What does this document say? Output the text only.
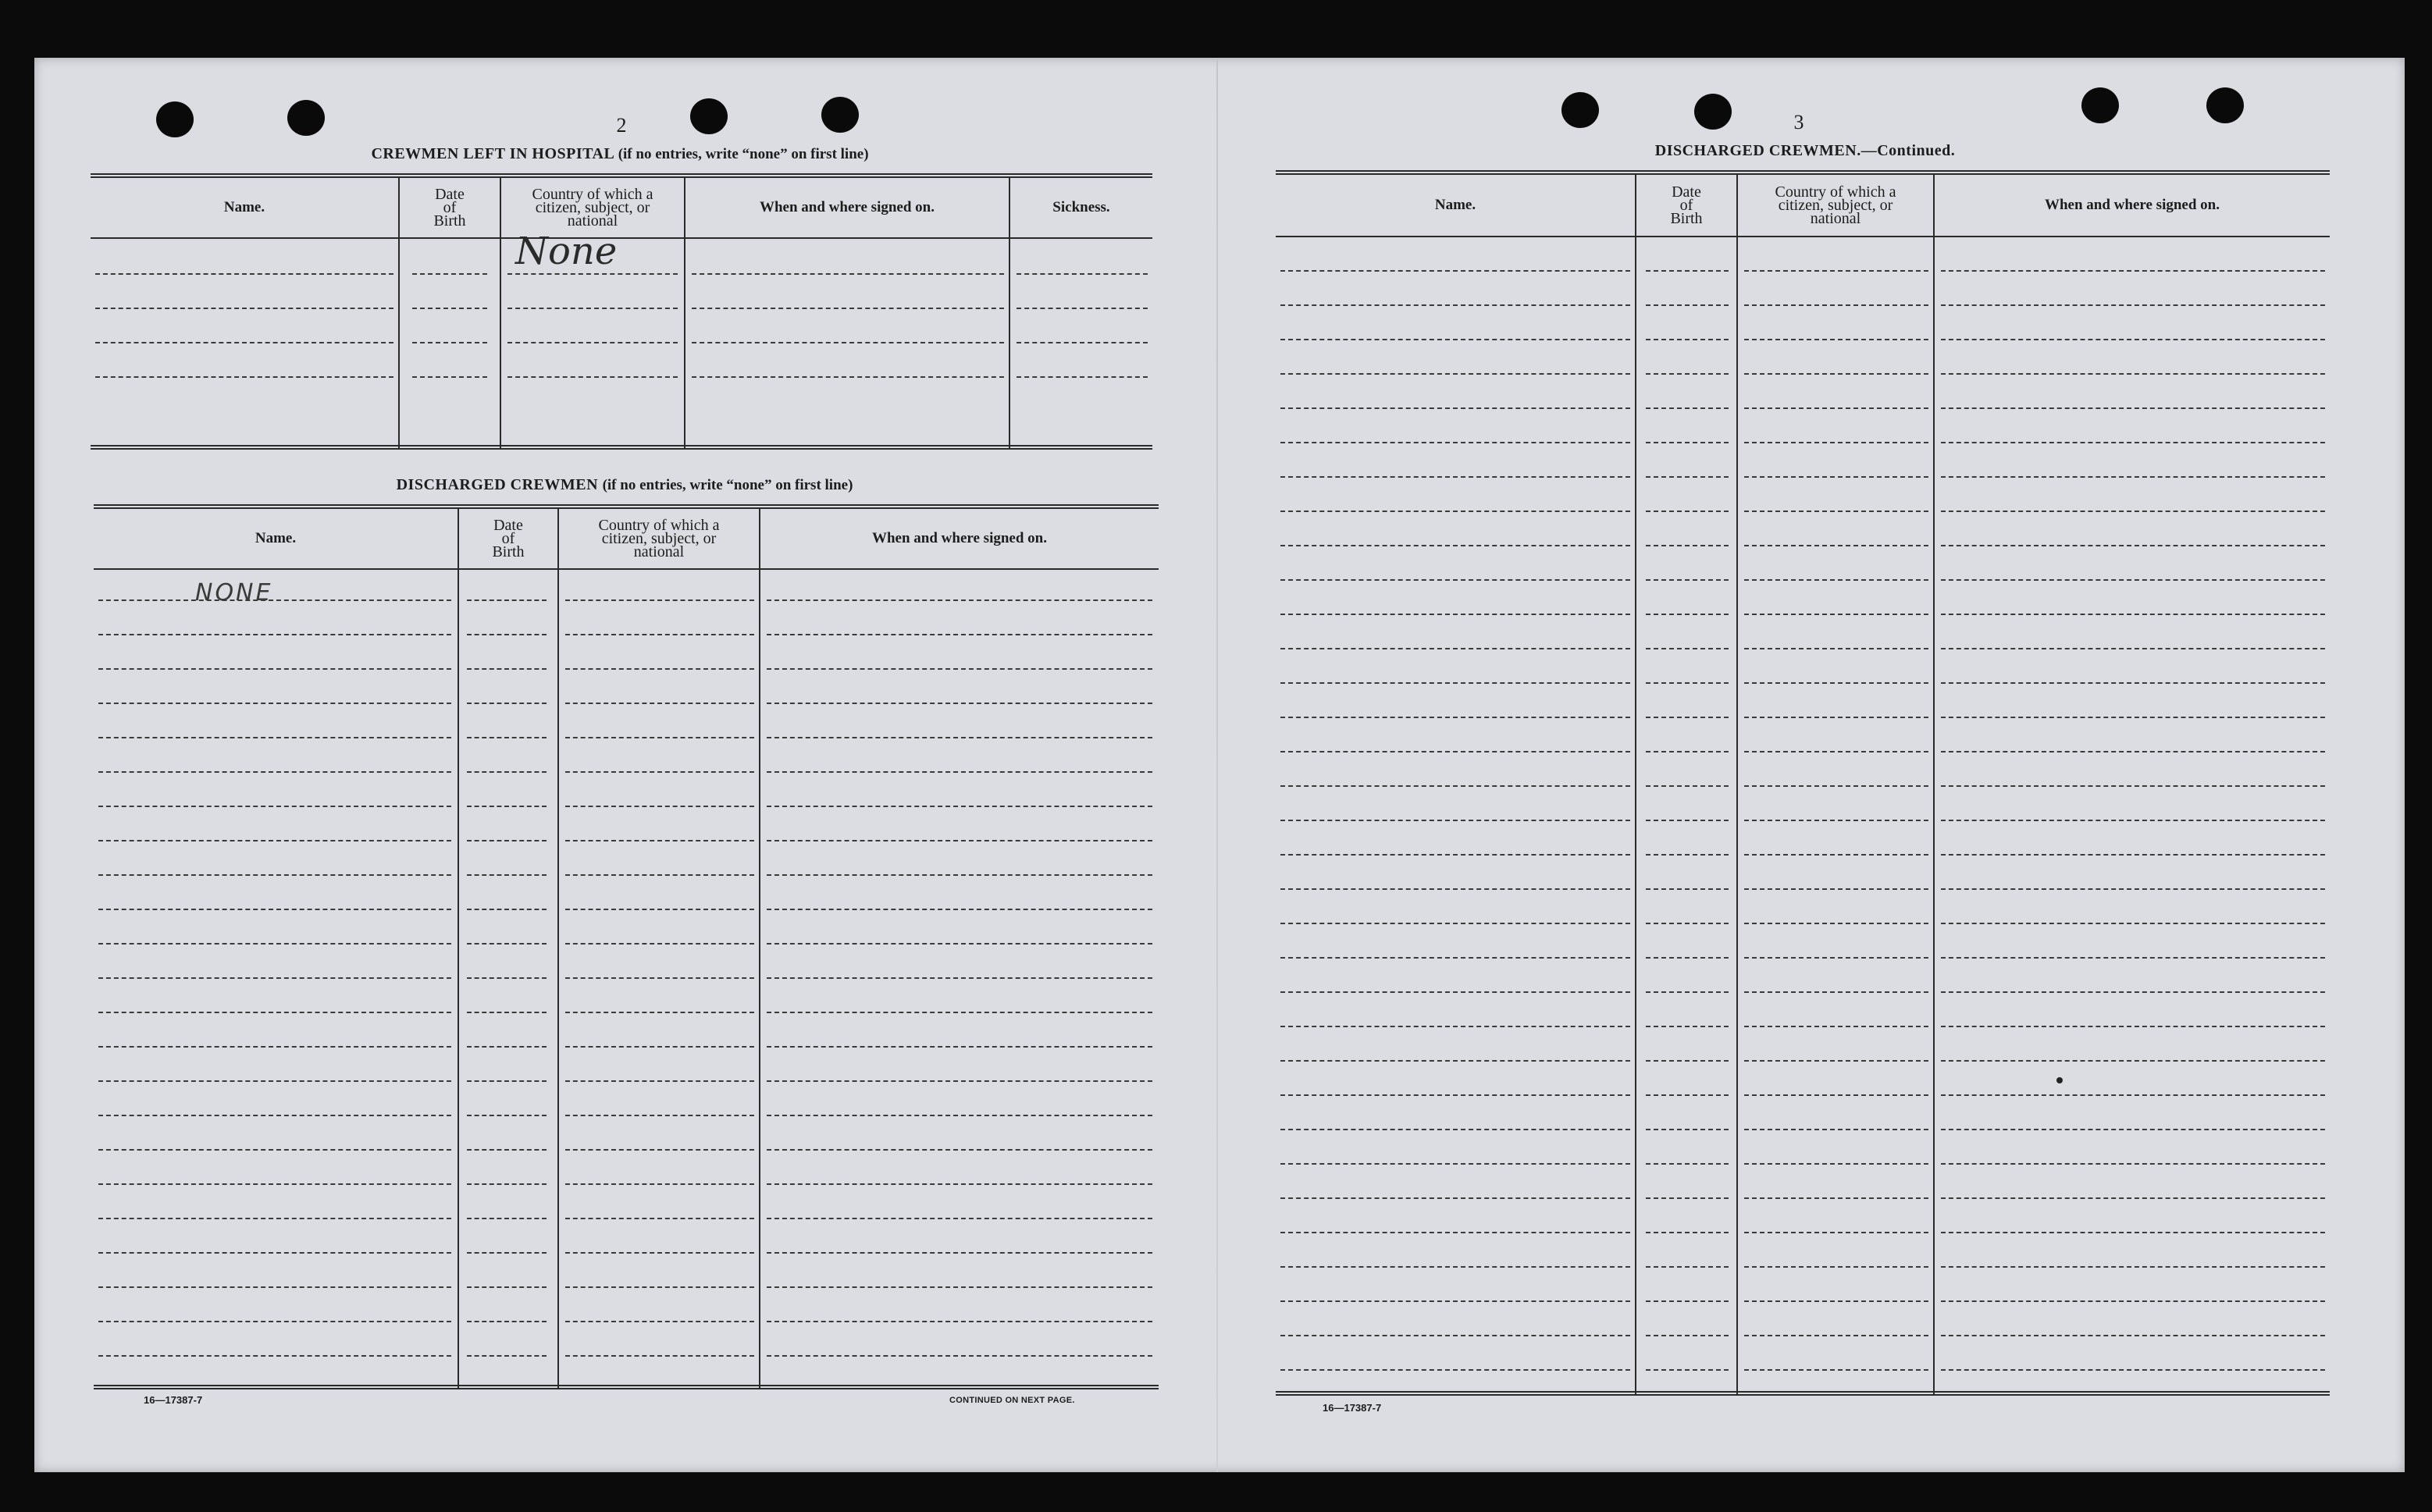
2
CREWMEN LEFT IN HOSPITAL (if no entries, write “none” on first line)
Name.
Date
of
Birth
Country of which a
citizen, subject, or
national
When and where signed on.	Sickness.
None
DISCHARGED CREWMEN (if no entries, write “none” on first line)
Name.
Date
of
Birth
Country of which a
citizen, subject, or
national
When and where signed on.
NONE
16—17387-7	CONTINUED ON NEXT PAGE.
3
DISCHARGED CREWMEN.—Continued.
Name.
Date
of
Birth
Country of which a
citizen, subject, or
national
When and where signed on.
16—17387-7
